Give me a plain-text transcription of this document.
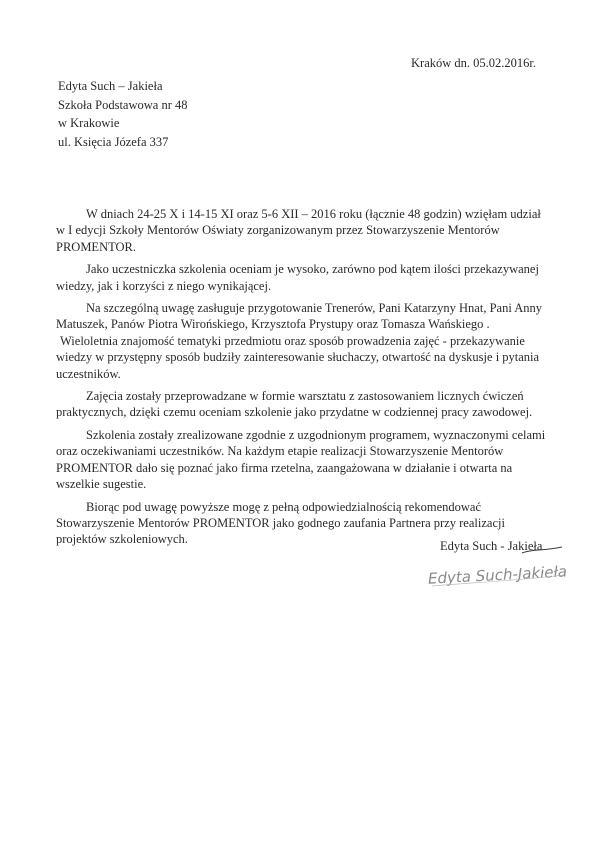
Kraków dn. 05.02.2016r.
Edyta Such – Jakieła
Szkoła Podstawowa nr 48
w Krakowie
ul. Księcia Józefa 337

W dniach 24-25 X i 14-15 XI oraz 5-6 XII – 2016 roku (łącznie 48 godzin) wzięłam udział w I edycji Szkoły Mentorów Oświaty zorganizowanym przez Stowarzyszenie Mentorów PROMENTOR.

Jako uczestniczka szkolenia oceniam je wysoko, zarówno pod kątem ilości przekazywanej wiedzy, jak i korzyści z niego wynikającej.

Na szczególną uwagę zasługuje przygotowanie Trenerów, Pani Katarzyny Hnat, Pani Anny Matuszek, Panów Piotra Wirońskiego, Krzysztofa Prystupy oraz Tomasza Wańskiego .

Wieloletnia znajomość tematyki przedmiotu oraz sposób prowadzenia zajęć - przekazywanie wiedzy w przystępny sposób budziły zainteresowanie słuchaczy, otwartość na dyskusje i pytania uczestników.

Zajęcia zostały przeprowadzane w formie warsztatu z zastosowaniem licznych ćwiczeń praktycznych, dzięki czemu oceniam szkolenie jako przydatne w codziennej pracy zawodowej.

Szkolenia zostały zrealizowane zgodnie z uzgodnionym programem, wyznaczonymi celami oraz oczekiwaniami uczestników. Na każdym etapie realizacji Stowarzyszenie Mentorów PROMENTOR dało się poznać jako firma rzetelna, zaangażowana w działanie i otwarta na wszelkie sugestie.

Biorąc pod uwagę powyższe mogę z pełną odpowiedzialnością rekomendować Stowarzyszenie Mentorów PROMENTOR jako godnego zaufania Partnera przy realizacji projektów szkoleniowych.	Edyta Such - Jakieła
Edyta Such-Jakieła
